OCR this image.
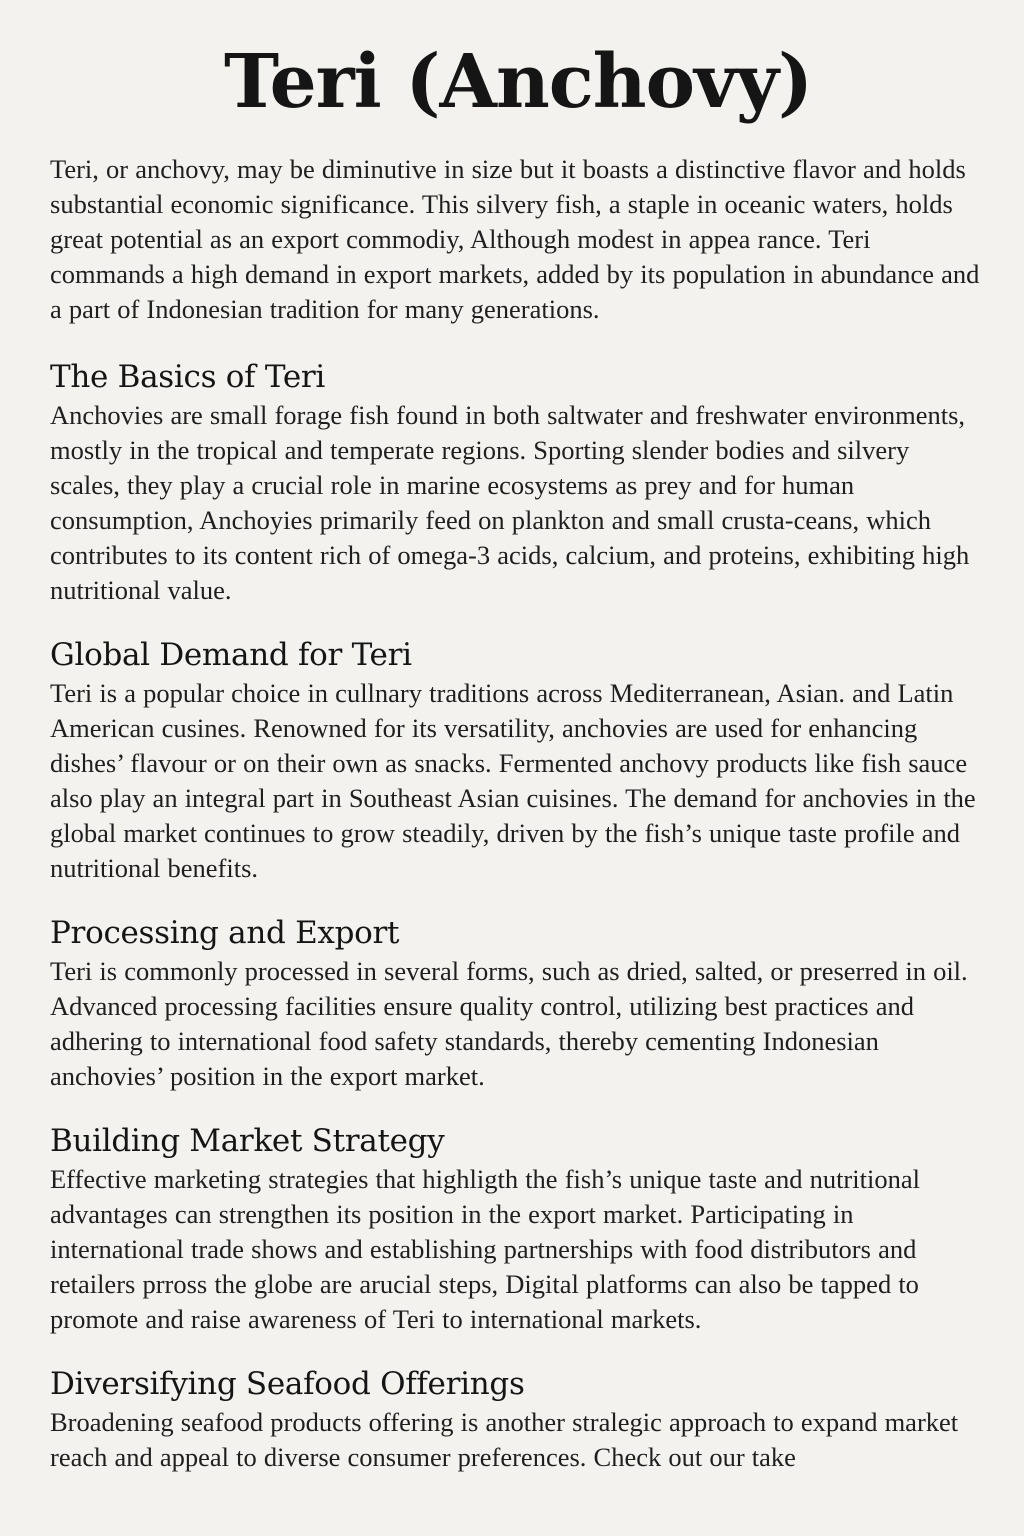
Teri (Anchovy)

Teri, or anchovy, may be diminutive in size but it boasts a distinctive flavor and holds substantial economic significance. This silvery fish, a staple in oceanic waters, holds great potential as an export commodiy, Although modest in appea rance. Teri commands a high demand in export markets, added by its population in abundance and a part of Indonesian tradition for many generations.

The Basics of Teri

Anchovies are small forage fish found in both saltwater and freshwater environments, mostly in the tropical and temperate regions. Sporting slender bodies and silvery scales, they play a crucial role in marine ecosystems as prey and for human consumption, Anchoyies primarily feed on plankton and small crusta-ceans, which contributes to its content rich of omega-3 acids, calcium, and proteins, exhibiting high nutritional value.

Global Demand for Teri

Teri is a popular choice in cullnary traditions across Mediterranean, Asian. and Latin American cusines. Renowned for its versatility, anchovies are used for enhancing dishes’ flavour or on their own as snacks. Fermented anchovy products like fish sauce also play an integral part in Southeast Asian cuisines. The demand for anchovies in the global market continues to grow steadily, driven by the fish’s unique taste profile and nutritional benefits.

Processing and Export

Teri is commonly processed in several forms, such as dried, salted, or preserred in oil. Advanced processing facilities ensure quality control, utilizing best practices and adhering to international food safety standards, thereby cementing Indonesian anchovies’ position in the export market.

Building Market Strategy

Effective marketing strategies that highligth the fish’s unique taste and nutritional advantages can strengthen its position in the export market. Participating in international trade shows and establishing partnerships with food distributors and retailers prross the globe are arucial steps, Digital platforms can also be tapped to promote and raise awareness of Teri to international markets.

Diversifying Seafood Offerings

Broadening seafood products offering is another stralegic approach to expand market reach and appeal to diverse consumer preferences. Check out our take
